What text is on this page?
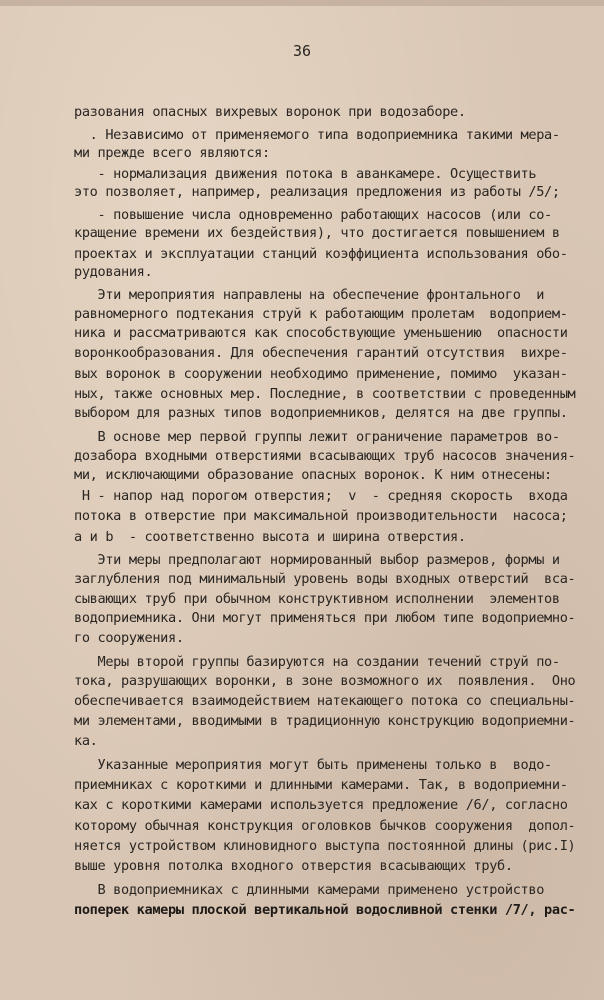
36
разования опасных вихревых воронок при водозаборе.
. Независимо от применяемого типа водоприемника такими мера-
ми прежде всего являются:
- нормализация движения потока в аванкамере. Осуществить
это позволяет, например, реализация предложения из работы /5/;
- повышение числа одновременно работающих насосов (или со-
кращение времени их бездействия), что достигается повышением в
проектах и эксплуатации станций коэффициента использования обо-
рудования.
Эти мероприятия направлены на обеспечение фронтального  и
равномерного подтекания струй к работающим пролетам  водоприем-
ника и рассматриваются как способствующие уменьшению  опасности
воронкообразования. Для обеспечения гарантий отсутствия  вихре-
вых воронок в сооружении необходимо применение, помимо  указан-
ных, также основных мер. Последние, в соответствии с проведенным
выбором для разных типов водоприемников, делятся на две группы.
В основе мер первой группы лежит ограничение параметров во-
дозабора входными отверстиями всасывающих труб насосов значения-
ми, исключающими образование опасных воронок. К ним отнесены:
H - напор над порогом отверстия;  v  - средняя скорость  входа
потока в отверстие при максимальной производительности  насоса;
a и b  - соответственно высота и ширина отверстия.
Эти меры предполагают нормированный выбор размеров, формы и
заглубления под минимальный уровень воды входных отверстий  вса-
сывающих труб при обычном конструктивном исполнении  элементов
водоприемника. Они могут применяться при любом типе водоприемно-
го сооружения.
Меры второй группы базируются на создании течений струй по-
тока, разрушающих воронки, в зоне возможного их  появления.  Оно
обеспечивается взаимодействием натекающего потока со специальны-
ми элементами, вводимыми в традиционную конструкцию водоприемни-
ка.
Указанные мероприятия могут быть применены только в  водо-
приемниках с короткими и длинными камерами. Так, в водоприемни-
ках с короткими камерами используется предложение /6/, согласно
которому обычная конструкция оголовков бычков сооружения  допол-
няется устройством клиновидного выступа постоянной длины (рис.I)
выше уровня потолка входного отверстия всасывающих труб.
В водоприемниках с длинными камерами применено устройство
поперек камеры плоской вертикальной водосливной стенки /7/, рас-
